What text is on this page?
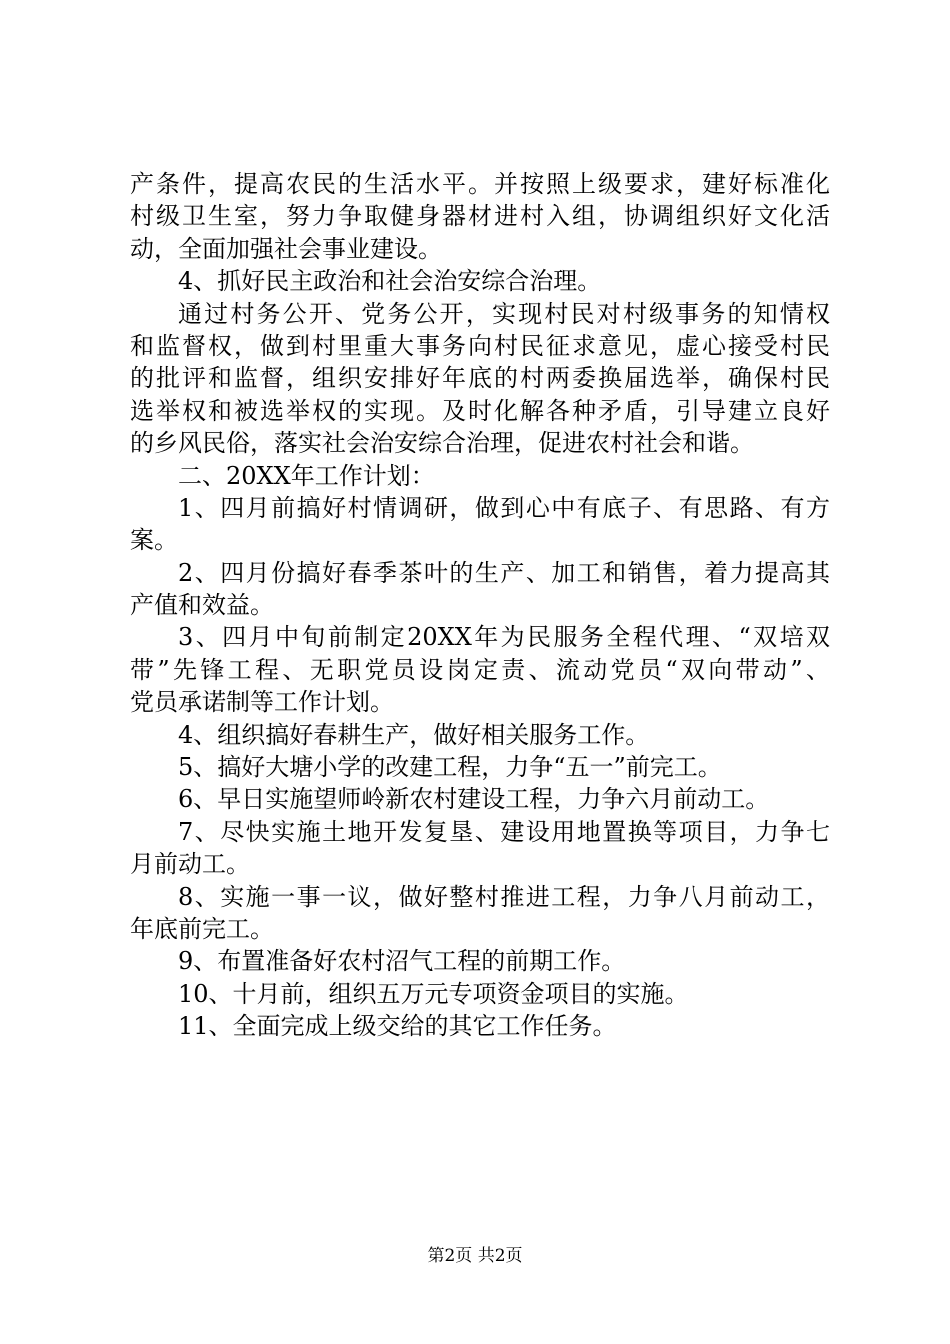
产条件，提高农民的生活水平。并按照上级要求，建好标准化
村级卫生室，努力争取健身器材进村入组，协调组织好文化活
动，全面加强社会事业建设。
4、抓好民主政治和社会治安综合治理。
通过村务公开、党务公开，实现村民对村级事务的知情权
和监督权，做到村里重大事务向村民征求意见，虚心接受村民
的批评和监督，组织安排好年底的村两委换届选举，确保村民
选举权和被选举权的实现。及时化解各种矛盾，引导建立良好
的乡风民俗，落实社会治安综合治理，促进农村社会和谐。
二、20XX年工作计划：
1、四月前搞好村情调研，做到心中有底子、有思路、有方
案。
2、四月份搞好春季茶叶的生产、加工和销售，着力提高其
产值和效益。
3、四月中旬前制定20XX年为民服务全程代理、“双培双
带”先锋工程、无职党员设岗定责、流动党员“双向带动”、
党员承诺制等工作计划。
4、组织搞好春耕生产，做好相关服务工作。
5、搞好大塘小学的改建工程，力争“五一”前完工。
6、早日实施望师岭新农村建设工程，力争六月前动工。
7、尽快实施土地开发复垦、建设用地置换等项目，力争七
月前动工。
8、实施一事一议，做好整村推进工程，力争八月前动工，
年底前完工。
9、布置准备好农村沼气工程的前期工作。
10、十月前，组织五万元专项资金项目的实施。
11、全面完成上级交给的其它工作任务。
第2页 共2页
